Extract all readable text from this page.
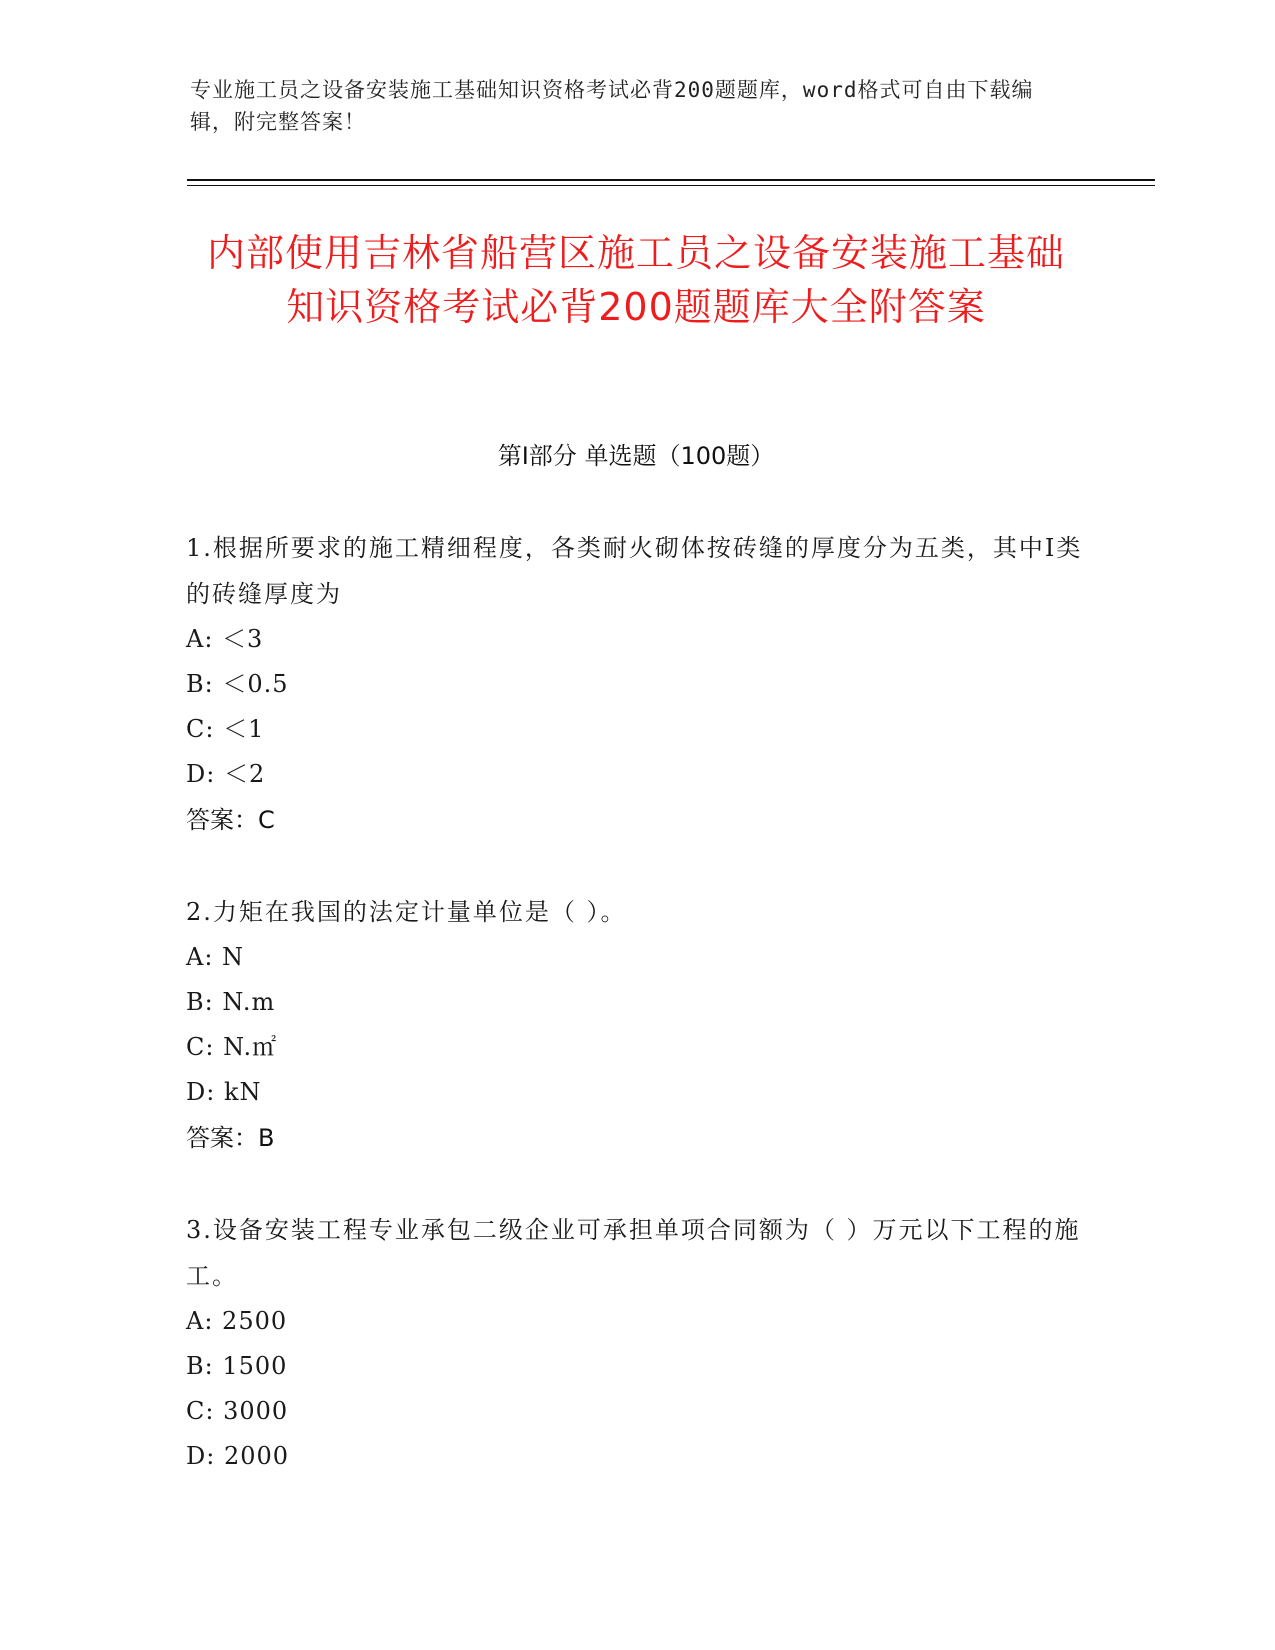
专业施工员之设备安装施工基础知识资格考试必背200题题库，word格式可自由下载编辑，附完整答案！
内部使用吉林省船营区施工员之设备安装施工基础知识资格考试必背200题题库大全附答案
第Ⅰ部分 单选题（100题）
1.根据所要求的施工精细程度，各类耐火砌体按砖缝的厚度分为五类，其中Ⅰ类的砖缝厚度为
A: ＜3
B: ＜0.5
C: ＜1
D: ＜2
答案：C
2.力矩在我国的法定计量单位是（ ）。
A: N
B: N.m
C: N.㎡
D: kN
答案：B
3.设备安装工程专业承包二级企业可承担单项合同额为（ ）万元以下工程的施工。
A: 2500
B: 1500
C: 3000
D: 2000
